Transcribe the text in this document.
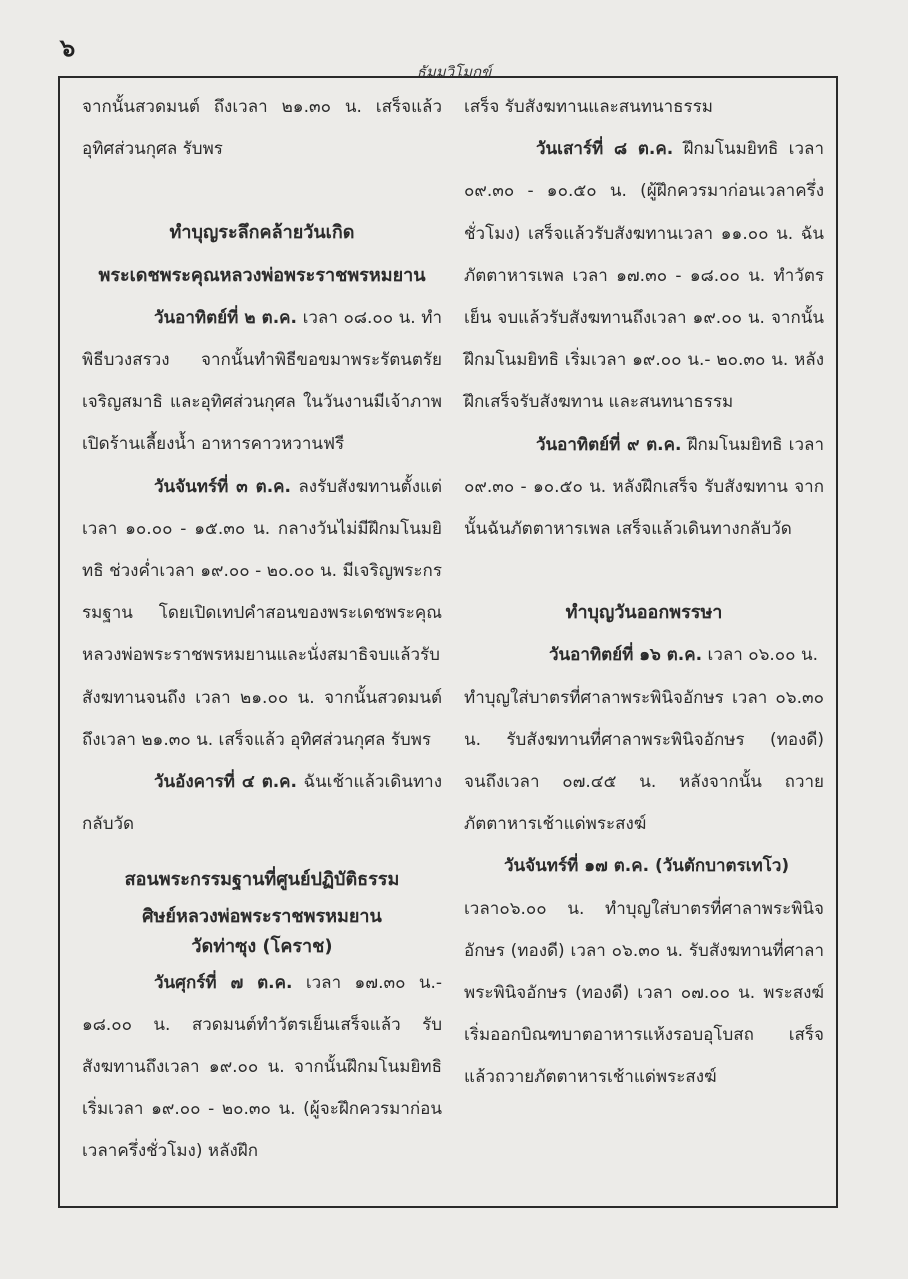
๖
ธัมมวิโมกข์

จากนั้นสวดมนต์ ถึงเวลา ๒๑.๓๐ น. เสร็จแล้ว อุทิศส่วนกุศล รับพร

ทำบุญระลึกคล้ายวันเกิด

พระเดชพระคุณหลวงพ่อพระราชพรหมยาน

วันอาทิตย์ที่ ๒ ต.ค. เวลา ๐๘.๐๐ น. ทำพิธีบวงสรวง จากนั้นทำพิธีขอขมาพระรัตนตรัย เจริญสมาธิ และอุทิศส่วนกุศล ในวันงานมีเจ้าภาพเปิดร้านเลี้ยงน้ำ อาหารคาวหวานฟรี

วันจันทร์ที่ ๓ ต.ค. ลงรับสังฆทานตั้งแต่เวลา ๑๐.๐๐ - ๑๕.๓๐ น. กลางวันไม่มีฝึกมโนมยิทธิ ช่วงค่ำเวลา ๑๙.๐๐ - ๒๐.๐๐ น. มีเจริญพระกรรมฐาน โดยเปิดเทปคำสอนของพระเดชพระคุณหลวงพ่อพระราชพรหมยานและนั่งสมาธิจบแล้วรับสังฆทานจนถึง เวลา ๒๑.๐๐ น. จากนั้นสวดมนต์ถึงเวลา ๒๑.๓๐ น. เสร็จแล้ว อุทิศส่วนกุศล รับพร

วันอังคารที่ ๔ ต.ค. ฉันเช้าแล้วเดินทางกลับวัด

สอนพระกรรมฐานที่ศูนย์ปฏิบัติธรรม

ศิษย์หลวงพ่อพระราชพรหมยาน

วัดท่าซุง (โคราช)

วันศุกร์ที่ ๗ ต.ค. เวลา ๑๗.๓๐ น.- ๑๘.๐๐ น. สวดมนต์ทำวัตรเย็นเสร็จแล้ว รับสังฆทานถึงเวลา ๑๙.๐๐ น. จากนั้นฝึกมโนมยิทธิ เริ่มเวลา ๑๙.๐๐ - ๒๐.๓๐ น. (ผู้จะฝึกควรมาก่อนเวลาครึ่งชั่วโมง) หลังฝึก

เสร็จ รับสังฆทานและสนทนาธรรม

วันเสาร์ที่ ๘ ต.ค. ฝึกมโนมยิทธิ เวลา ๐๙.๓๐ - ๑๐.๕๐ น. (ผู้ฝึกควรมาก่อนเวลาครึ่งชั่วโมง) เสร็จแล้วรับสังฆทานเวลา ๑๑.๐๐ น. ฉันภัตตาหารเพล เวลา ๑๗.๓๐ - ๑๘.๐๐ น. ทำวัตรเย็น จบแล้วรับสังฆทานถึงเวลา ๑๙.๐๐ น. จากนั้นฝึกมโนมยิทธิ เริ่มเวลา ๑๙.๐๐ น.- ๒๐.๓๐ น. หลังฝึกเสร็จรับสังฆทาน และสนทนาธรรม

วันอาทิตย์ที่ ๙ ต.ค. ฝึกมโนมยิทธิ เวลา ๐๙.๓๐ - ๑๐.๕๐ น. หลังฝึกเสร็จ รับสังฆทาน จากนั้นฉันภัตตาหารเพล เสร็จแล้วเดินทางกลับวัด

ทำบุญวันออกพรรษา

วันอาทิตย์ที่ ๑๖ ต.ค. เวลา ๐๖.๐๐ น.

ทำบุญใส่บาตรที่ศาลาพระพินิจอักษร เวลา ๐๖.๓๐ น. รับสังฆทานที่ศาลาพระพินิจอักษร (ทองดี) จนถึงเวลา ๐๗.๔๕ น. หลังจากนั้น ถวายภัตตาหารเช้าแด่พระสงฆ์

วันจันทร์ที่ ๑๗ ต.ค. (วันตักบาตรเทโว)

เวลา๐๖.๐๐ น. ทำบุญใส่บาตรที่ศาลาพระพินิจอักษร (ทองดี) เวลา ๐๖.๓๐ น. รับสังฆทานที่ศาลาพระพินิจอักษร (ทองดี) เวลา ๐๗.๐๐ น. พระสงฆ์ เริ่มออกบิณฑบาตอาหารแห้งรอบอุโบสถ เสร็จแล้วถวายภัตตาหารเช้าแด่พระสงฆ์
